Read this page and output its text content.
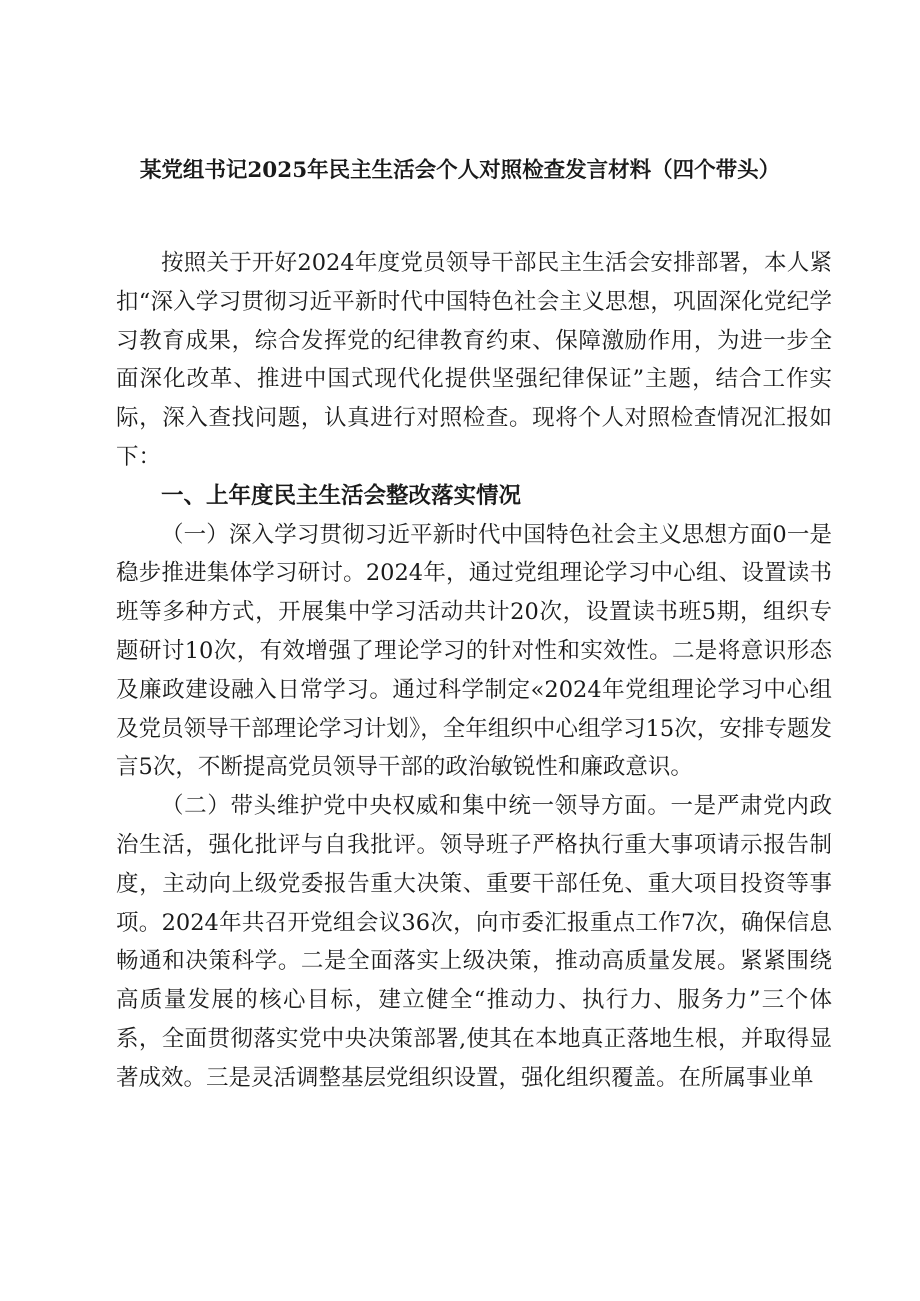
某党组书记2025年民主生活会个人对照检查发言材料（四个带头）

按照关于开好2024年度党员领导干部民主生活会安排部署，本人紧扣“深入学习贯彻习近平新时代中国特色社会主义思想，巩固深化党纪学习教育成果，综合发挥党的纪律教育约束、保障激励作用，为进一步全面深化改革、推进中国式现代化提供坚强纪律保证”主题，结合工作实际，深入查找问题，认真进行对照检查。现将个人对照检查情况汇报如下：

一、上年度民主生活会整改落实情况

（一）深入学习贯彻习近平新时代中国特色社会主义思想方面0一是稳步推进集体学习研讨。2024年，通过党组理论学习中心组、设置读书班等多种方式，开展集中学习活动共计20次，设置读书班5期，组织专题研讨10次，有效增强了理论学习的针对性和实效性。二是将意识形态及廉政建设融入日常学习。通过科学制定«2024年党组理论学习中心组及党员领导干部理论学习计划》，全年组织中心组学习15次，安排专题发言5次，不断提高党员领导干部的政治敏锐性和廉政意识。

（二）带头维护党中央权威和集中统一领导方面。一是严肃党内政治生活，强化批评与自我批评。领导班子严格执行重大事项请示报告制度，主动向上级党委报告重大决策、重要干部任免、重大项目投资等事项。2024年共召开党组会议36次，向市委汇报重点工作7次，确保信息畅通和决策科学。二是全面落实上级决策，推动高质量发展。紧紧围绕高质量发展的核心目标，建立健全“推动力、执行力、服务力”三个体系，全面贯彻落实党中央决策部署,使其在本地真正落地生根，并取得显著成效。三是灵活调整基层党组织设置，强化组织覆盖。在所属事业单
